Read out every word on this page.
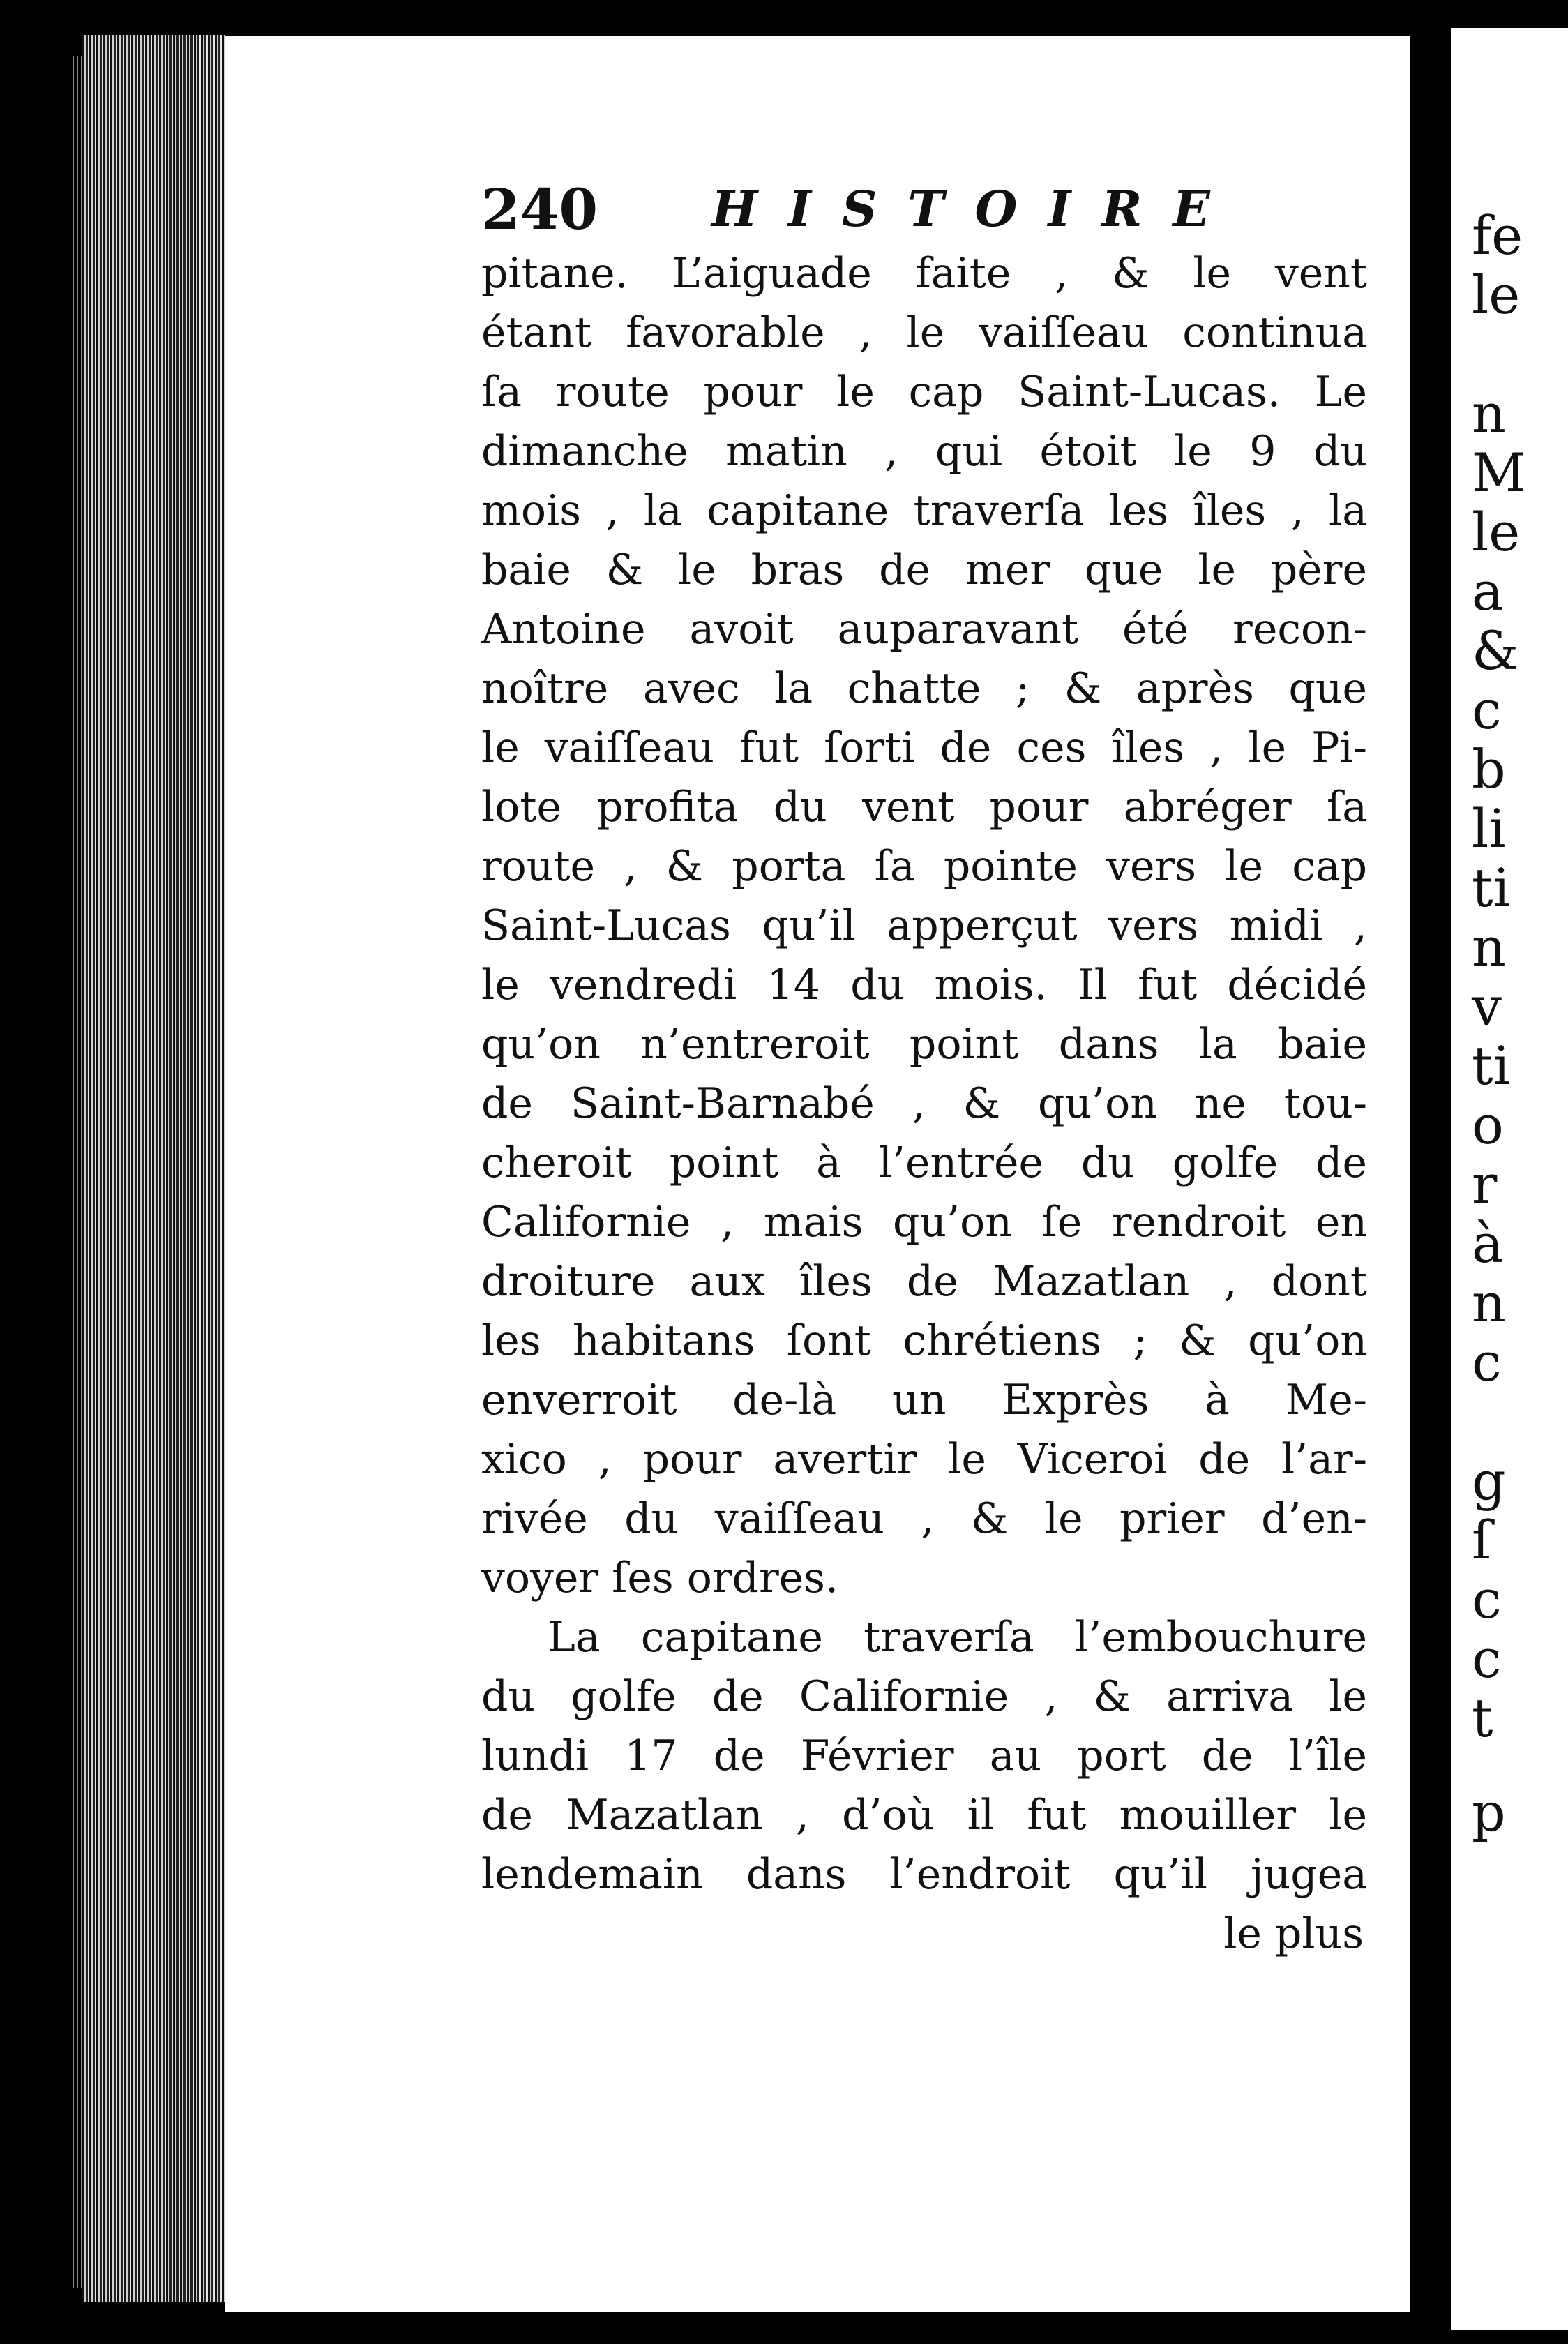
240 HISTOIRE
pitane. L’aiguade faite , & le vent
étant favorable , le vaiſſeau continua
ſa route pour le cap Saint-Lucas. Le
dimanche matin , qui étoit le 9 du
mois , la capitane traverſa les îles , la
baie & le bras de mer que le père
Antoine avoit auparavant été recon-
noître avec la chatte ; & après que
le vaiſſeau fut ſorti de ces îles , le Pi-
lote profita du vent pour abréger ſa
route , & porta ſa pointe vers le cap
Saint-Lucas qu’il apperçut vers midi ,
le vendredi 14 du mois. Il fut décidé
qu’on n’entreroit point dans la baie
de Saint-Barnabé , & qu’on ne tou-
cheroit point à l’entrée du golfe de
Californie , mais qu’on ſe rendroit en
droiture aux îles de Mazatlan , dont
les habitans ſont chrétiens ; & qu’on
enverroit de-là un Exprès à Me-
xico , pour avertir le Viceroi de l’ar-
rivée du vaiſſeau , & le prier d’en-
voyer ſes ordres.
La capitane traverſa l’embouchure
du golfe de Californie , & arriva le
lundi 17 de Février au port de l’île
de Mazatlan , d’où il fut mouiller le
lendemain dans l’endroit qu’il jugea
le plus
fe
le
n
M
le
a
&
c
b
li
ti
n
v
ti
o
r
à
n
c
g
ſ
c
c
t
p
